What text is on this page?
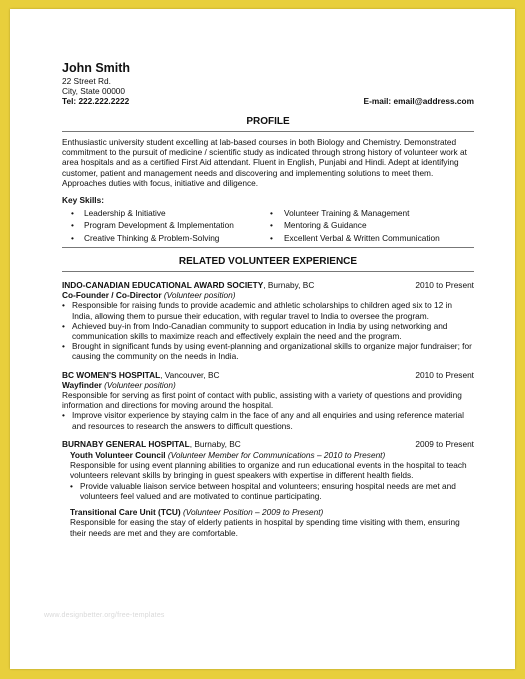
John Smith
22 Street Rd.
City, State 00000
Tel: 222.222.2222	E-mail: email@address.com
PROFILE
Enthusiastic university student excelling at lab-based courses in both Biology and Chemistry. Demonstrated commitment to the pursuit of medicine / scientific study as indicated through strong history of volunteer work at area hospitals and as a certified First Aid attendant. Fluent in English, Punjabi and Hindi. Adept at identifying customer, patient and management needs and discovering and implementing solutions to meet them. Approaches duties with focus, initiative and diligence.
Key Skills:
• Leadership & Initiative	• Volunteer Training & Management
• Program Development & Implementation	• Mentoring & Guidance
• Creative Thinking & Problem-Solving	• Excellent Verbal & Written Communication
RELATED VOLUNTEER EXPERIENCE
INDO-CANADIAN EDUCATIONAL AWARD SOCIETY, Burnaby, BC	2010 to Present
Co-Founder / Co-Director (Volunteer position)
• Responsible for raising funds to provide academic and athletic scholarships to children aged six to 12 in India, allowing them to pursue their education, with regular travel to India to oversee the program.
• Achieved buy-in from Indo-Canadian community to support education in India by using networking and communication skills to maximize reach and effectively explain the need and the program.
• Brought in significant funds by using event-planning and organizational skills to organize major fundraiser; for causing the community on the needs in India.
BC WOMEN'S HOSPITAL, Vancouver, BC	2010 to Present
Wayfinder (Volunteer position)
Responsible for serving as first point of contact with public, assisting with a variety of questions and providing information and directions for moving around the hospital.
• Improve visitor experience by staying calm in the face of any and all enquiries and using reference material and resources to research the answers to difficult questions.
BURNABY GENERAL HOSPITAL, Burnaby, BC	2009 to Present
Youth Volunteer Council (Volunteer Member for Communications – 2010 to Present)
Responsible for using event planning abilities to organize and run educational events in the hospital to teach volunteers relevant skills by bringing in guest speakers with expertise in different health fields.
• Provide valuable liaison service between hospital and volunteers; ensuring hospital needs are met and volunteers feel valued and are motivated to continue participating.
Transitional Care Unit (TCU) (Volunteer Position – 2009 to Present)
Responsible for easing the stay of elderly patients in hospital by spending time visiting with them, ensuring their needs are met and they are comfortable.
www.designbetter.org/free-templates
